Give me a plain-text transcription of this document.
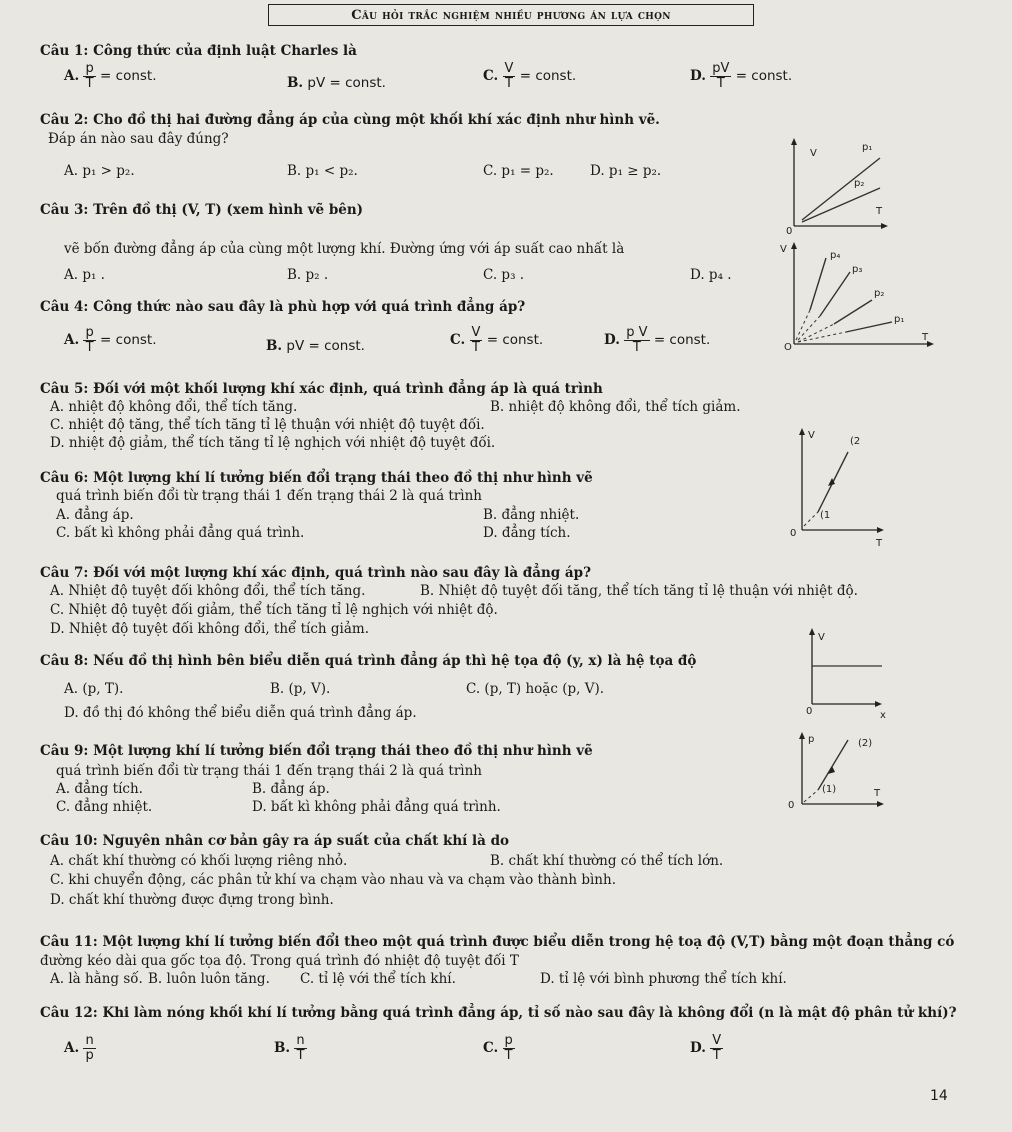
Câu hỏi trắc nghiệm nhiều phương án lựa chọn
Câu 1: Công thức của định luật Charles là
A. $\frac{p}{T}$ = const.	B. pV = const.	C. $\frac{V}{T}$ = const.	D. $\frac{pV}{T}$ = const.
Câu 2: Cho đồ thị hai đường đẳng áp của cùng một khối khí xác định như hình vẽ.
Đáp án nào sau đây đúng?
A. p₁ > p₂.	B. p₁ < p₂.	C. p₁ = p₂.	D. p₁ ≥ p₂.
V
T
0
p₁
p₂
Câu 3: Trên đồ thị (V, T) (xem hình vẽ bên)
vẽ bốn đường đẳng áp của cùng một lượng khí. Đường ứng với áp suất cao nhất là
A. p₁ .	B. p₂ .	C. p₃ .	D. p₄ .
V
T
O
p₄
p₃
p₂
p₁
Câu 4: Công thức nào sau đây là phù hợp với quá trình đẳng áp?
A. $\frac{p}{T}$ = const.	B. pV = const.	C. $\frac{V}{T}$ = const.	D. $\frac{\text{p V}}{T}$ = const.
Câu 5: Đối với một khối lượng khí xác định, quá trình đẳng áp là quá trình
A. nhiệt độ không đổi, thể tích tăng.	B. nhiệt độ không đổi, thể tích giảm.
C. nhiệt độ tăng, thể tích tăng tỉ lệ thuận với nhiệt độ tuyệt đối.
D. nhiệt độ giảm, thể tích tăng tỉ lệ nghịch với nhiệt độ tuyệt đối.
Câu 6: Một lượng khí lí tưởng biến đổi trạng thái theo đồ thị như hình vẽ
quá trình biến đổi từ trạng thái 1 đến trạng thái 2 là quá trình
A. đẳng áp.	B. đẳng nhiệt.
C. bất kì không phải đẳng quá trình.	D. đẳng tích.
V
T
0
(2
(1
Câu 7: Đối với một lượng khí xác định, quá trình nào sau đây là đẳng áp?
A. Nhiệt độ tuyệt đối không đổi, thể tích tăng.	B. Nhiệt độ tuyệt đối tăng, thể tích tăng tỉ lệ thuận với nhiệt độ.
C. Nhiệt độ tuyệt đối giảm, thể tích tăng tỉ lệ nghịch với nhiệt độ.
D. Nhiệt độ tuyệt đối không đổi, thể tích giảm.
Câu 8: Nếu đồ thị hình bên biểu diễn quá trình đẳng áp thì hệ tọa độ (y, x) là hệ tọa độ
A. (p, T).	B. (p, V).	C. (p, T) hoặc (p, V).
D. đồ thị đó không thể biểu diễn quá trình đẳng áp.
V
x
0
Câu 9: Một lượng khí lí tưởng biến đổi trạng thái theo đồ thị như hình vẽ
quá trình biến đổi từ trạng thái 1 đến trạng thái 2 là quá trình
A. đẳng tích.	B. đẳng áp.
C. đẳng nhiệt.	D. bất kì không phải đẳng quá trình.
p
T
0
(2)
(1)
Câu 10: Nguyên nhân cơ bản gây ra áp suất của chất khí là do
A. chất khí thường có khối lượng riêng nhỏ.	B. chất khí thường có thể tích lớn.
C. khi chuyển động, các phân tử khí va chạm vào nhau và va chạm vào thành bình.
D. chất khí thường được đựng trong bình.
Câu 11: Một lượng khí lí tưởng biến đổi theo một quá trình được biểu diễn trong hệ toạ độ (V,T) bằng một đoạn thẳng có
đường kéo dài qua gốc tọa độ. Trong quá trình đó nhiệt độ tuyệt đối T
A. là hằng số. B. luôn luôn tăng. C. tỉ lệ với thể tích khí.	D. tỉ lệ với bình phương thể tích khí.
Câu 12: Khi làm nóng khối khí lí tưởng bằng quá trình đẳng áp, tỉ số nào sau đây là không đổi (n là mật độ phân tử khí)?
A. $\frac{n}{p}$	B. $\frac{n}{T}$	C. $\frac{p}{T}$	D. $\frac{V}{T}$
14
